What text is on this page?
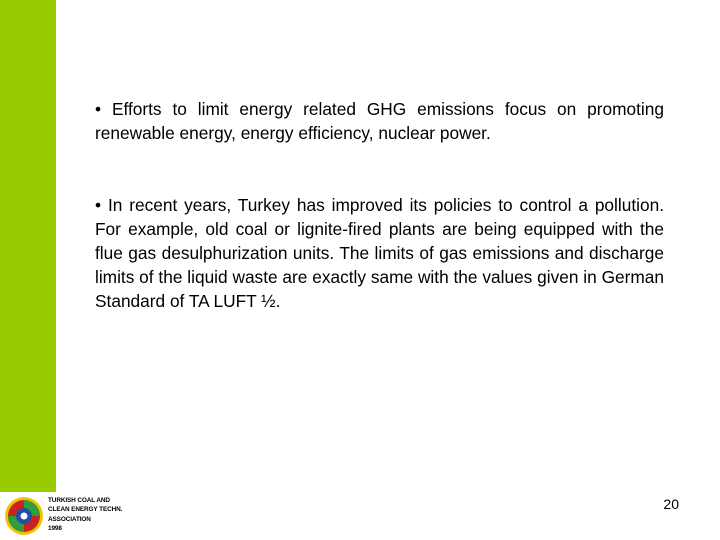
• Efforts to limit energy related GHG emissions focus on promoting renewable energy, energy efficiency, nuclear power.

• In recent years, Turkey has improved its policies to control a pollution. For example, old coal or lignite-fired plants are being equipped with the flue gas desulphurization units. The limits of gas emissions and discharge limits of the liquid waste are exactly same with the values given in German Standard of TA LUFT ½.

TURKISH COAL AND
CLEAN ENERGY TECHN.
ASSOCIATION
1998
20
